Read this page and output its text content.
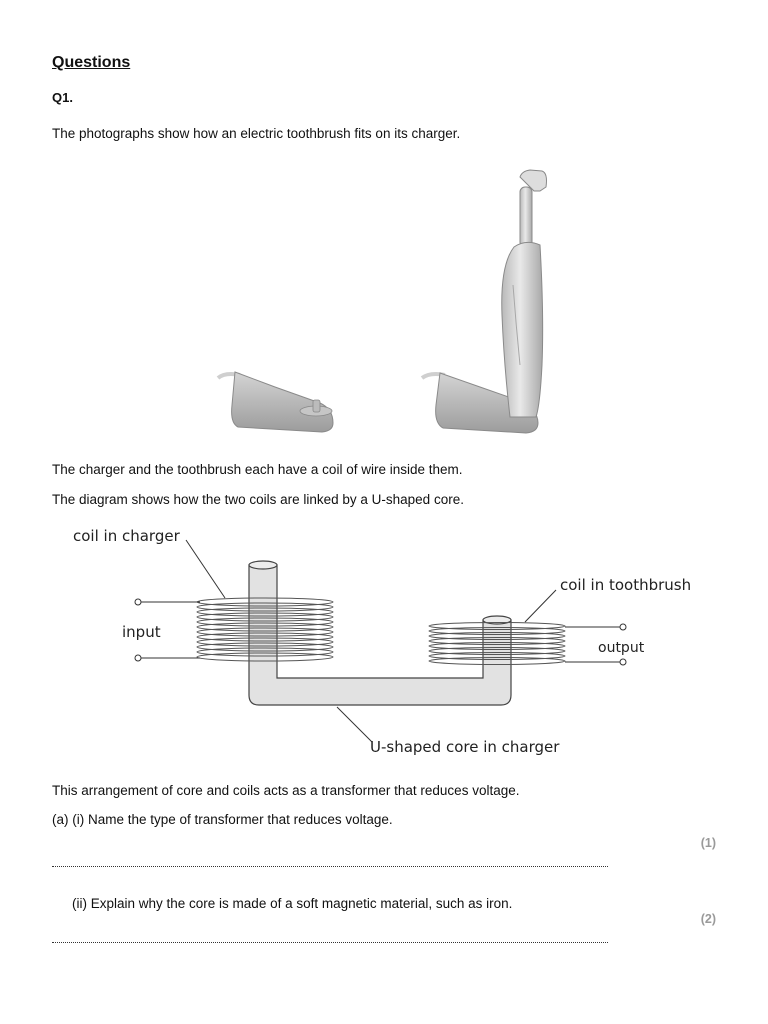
Questions
Q1.
The photographs show how an electric toothbrush fits on its charger.
The charger and the toothbrush each have a coil of wire inside them.
The diagram shows how the two coils are linked by a U-shaped core.
coil in charger
coil in toothbrush
input
output
U-shaped core in charger
This arrangement of core and coils acts as a transformer that reduces voltage.
(a) (i) Name the type of transformer that reduces voltage.
(1)
(ii) Explain why the core is made of a soft magnetic material, such as iron.
(2)
